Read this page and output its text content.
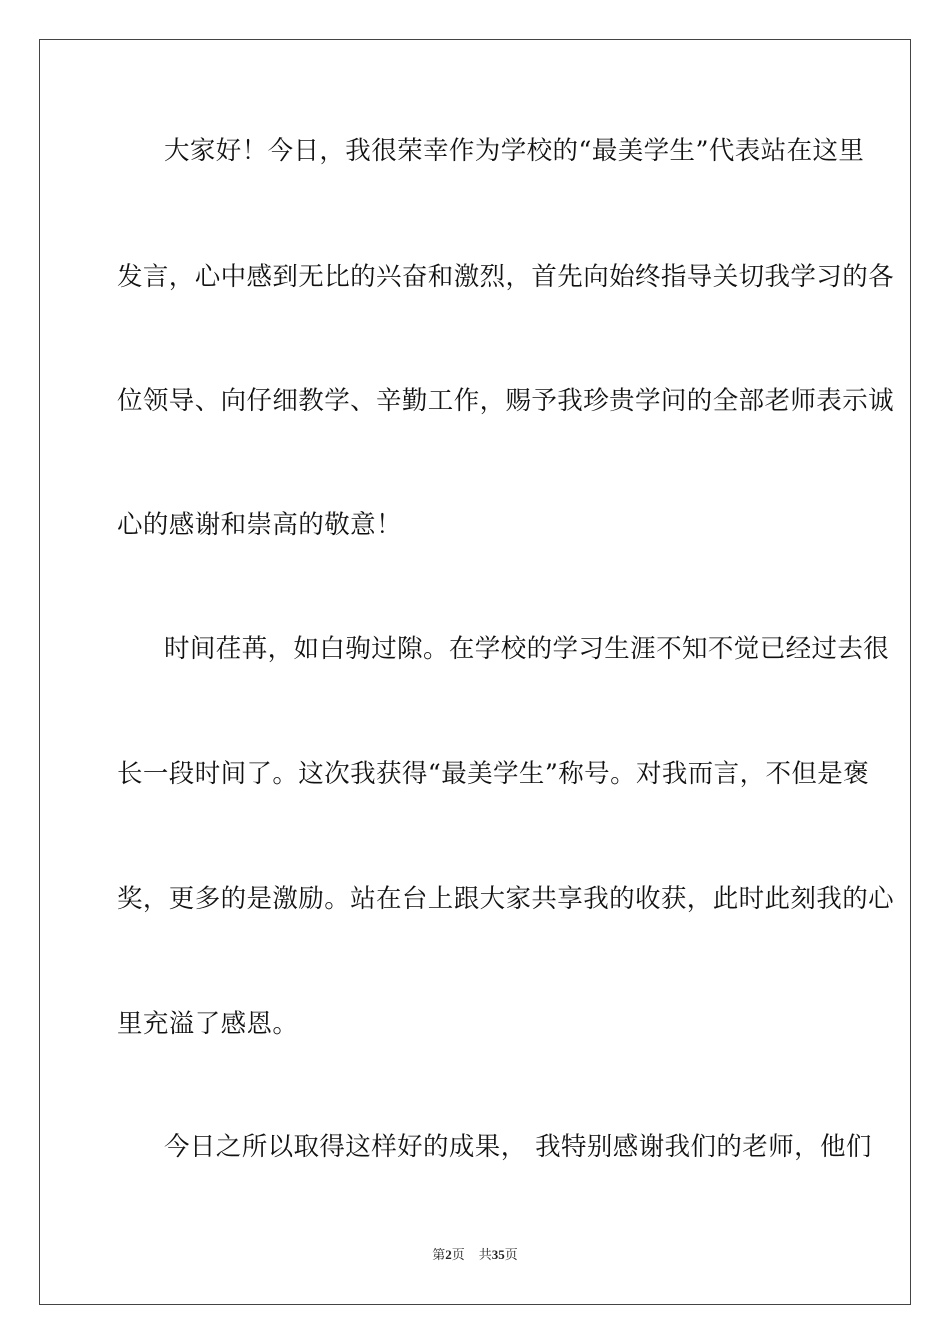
大家好！今日，我很荣幸作为学校的“最美学生”代表站在这里
发言，心中感到无比的兴奋和激烈，首先向始终指导关切我学习的各
位领导、向仔细教学、辛勤工作，赐予我珍贵学问的全部老师表示诚
心的感谢和崇高的敬意！
时间荏苒，如白驹过隙。在学校的学习生涯不知不觉已经过去很
长一段时间了。这次我获得“最美学生”称号。对我而言，不但是褒
奖，更多的是激励。站在台上跟大家共享我的收获，此时此刻我的心
里充溢了感恩。
今日之所以取得这样好的成果， 我特别感谢我们的老师，他们
第2页 共35页
